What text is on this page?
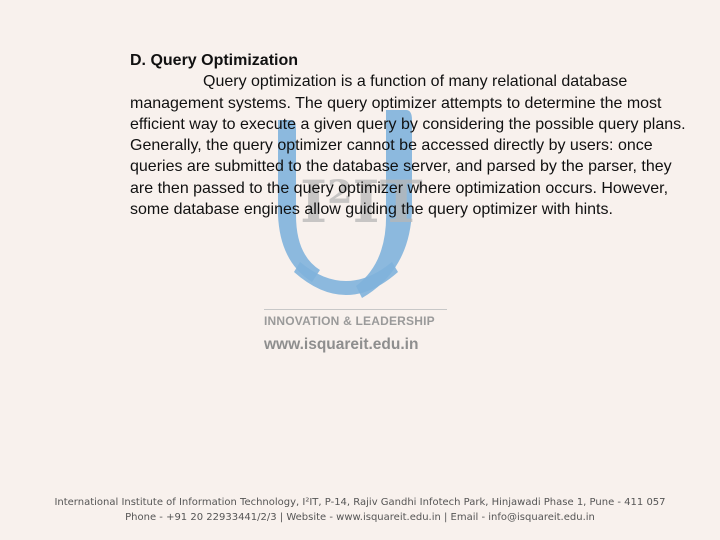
I²IT
INNOVATION & LEADERSHIP
www.isquareit.edu.in
D. Query Optimization
Query optimization is a function of many relational database management systems. The query optimizer attempts to determine the most efficient way to execute a given query by considering the possible query plans.
Generally, the query optimizer cannot be accessed directly by users: once queries are submitted to the database server, and parsed by the parser, they are then passed to the query optimizer where optimization occurs. However, some database engines allow guiding the query optimizer with hints.
International Institute of Information Technology, I²IT, P-14, Rajiv Gandhi Infotech Park, Hinjawadi Phase 1, Pune - 411 057
Phone - +91 20 22933441/2/3 | Website - www.isquareit.edu.in | Email - info@isquareit.edu.in
